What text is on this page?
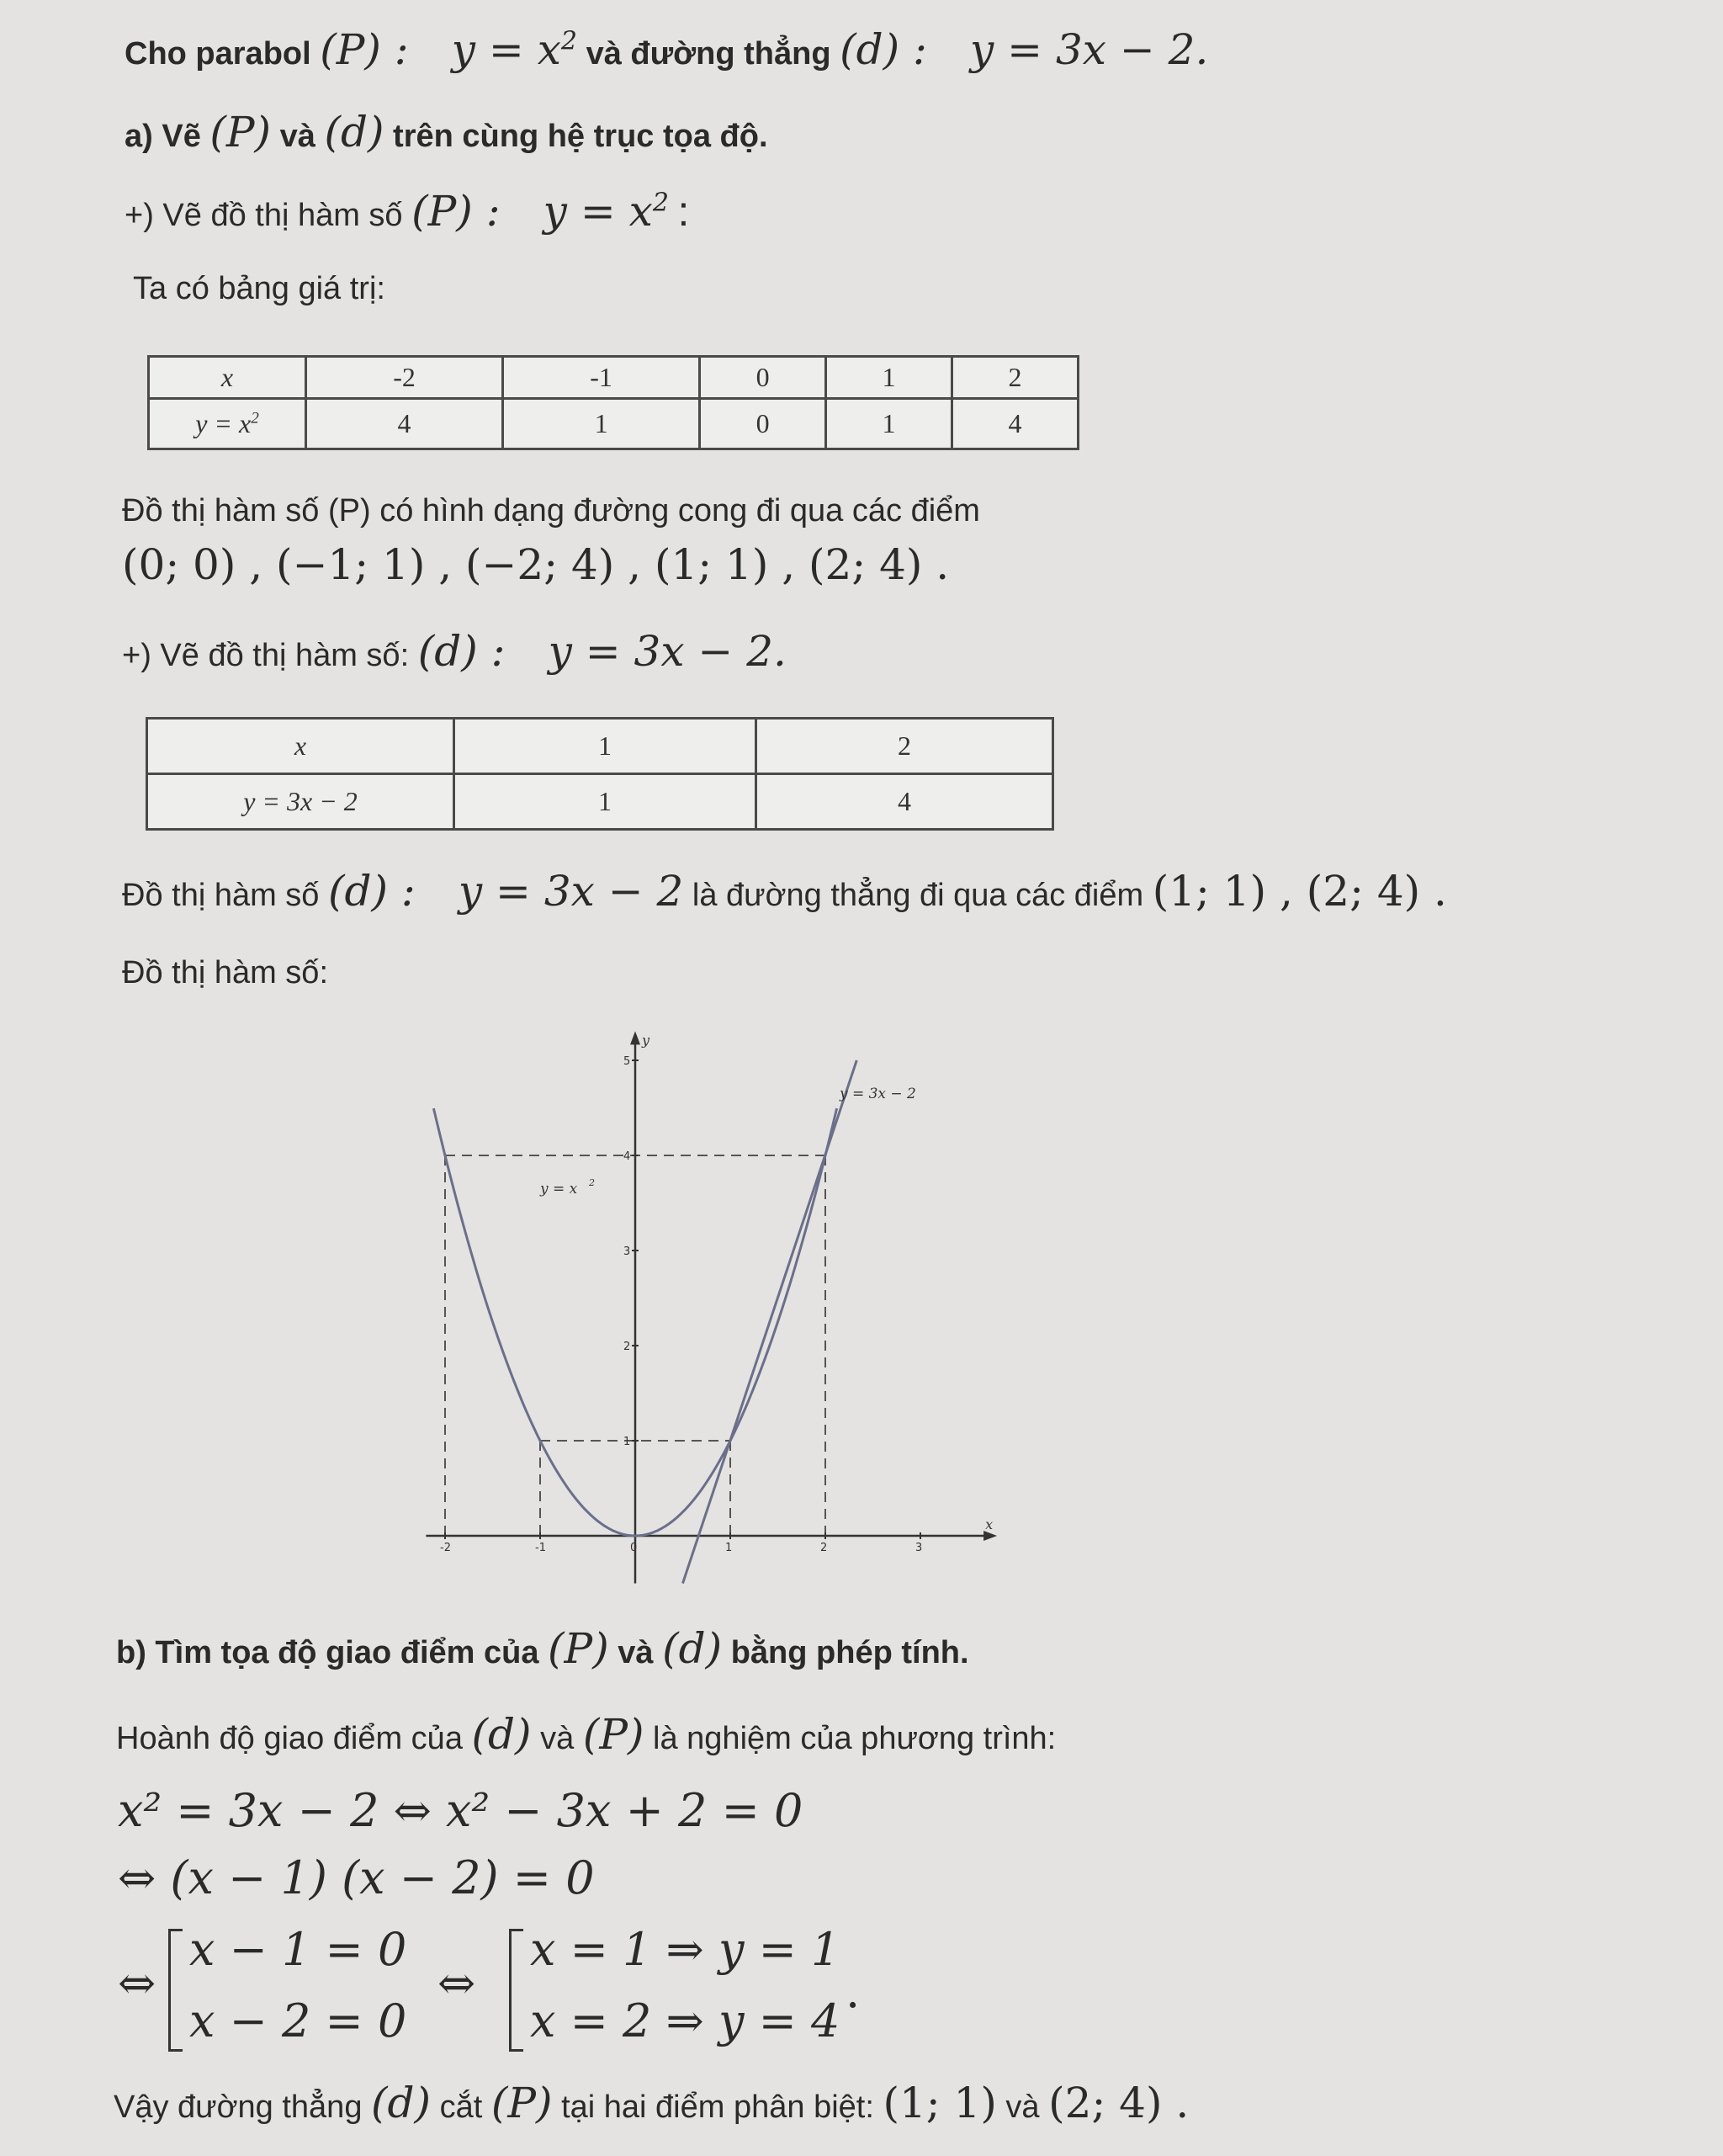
Cho parabol (P) : $y = x^2$ và đường thẳng (d) : y = 3x − 2.
a) Vẽ (P) và (d) trên cùng hệ trục tọa độ.
+) Vẽ đồ thị hàm số (P) : $y = x^2$ :
Ta có bảng giá trị:
x	-2	-1	0	1	2
$y = x^2$	4	1	0	1	4
Đồ thị hàm số (P) có hình dạng đường cong đi qua các điểm
(0; 0) , (−1; 1) , (−2; 4) , (1; 1) , (2; 4) .
+) Vẽ đồ thị hàm số: (d) : y = 3x − 2.
x	1	2
y = 3x − 2	1	4
Đồ thị hàm số (d) : y = 3x − 2 là đường thẳng đi qua các điểm (1; 1) , (2; 4) .
Đồ thị hàm số:
x
y
-2	-1	0	1	2	3
1
2
3
4
5
y = x 2
y = 3x − 2
b) Tìm tọa độ giao điểm của (P) và (d) bằng phép tính.
Hoành độ giao điểm của (d) và (P) là nghiệm của phương trình:
x² = 3x − 2 ⇔ x² − 3x + 2 = 0
⇔ (x − 1) (x − 2) = 0
⇔
x − 1 = 0
x − 2 = 0
⇔
x = 1 ⇒ y = 1
x = 2 ⇒ y = 4
.
Vậy đường thẳng (d) cắt (P) tại hai điểm phân biệt: (1; 1) và (2; 4) .
